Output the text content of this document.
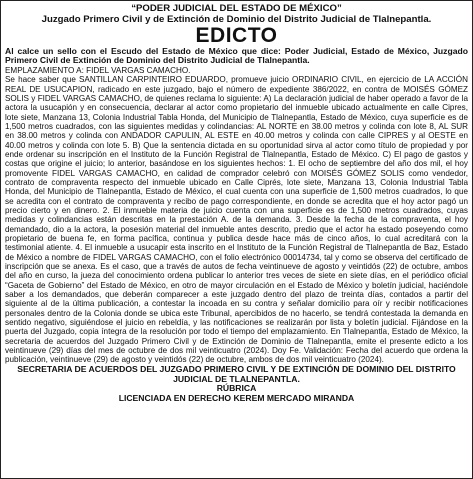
“PODER JUDICIAL DEL ESTADO DE MÉXICO”
Juzgado Primero Civil y de Extinción de Dominio del Distrito Judicial de Tlalnepantla.
EDICTO

Al calce un sello con el Escudo del Estado de México que dice: Poder Judicial, Estado de México, Juzgado Primero Civil de Extinción de Dominio del Distrito Judicial de Tlalnepantla.

EMPLAZAMIENTO A: FIDEL VARGAS CAMACHO.

Se hace saber que SANTILLAN CARPINTEIRO EDUARDO, promueve juicio ORDINARIO CIVIL, en ejercicio de LA ACCIÓN REAL DE USUCAPION, radicado en este juzgado, bajo el número de expediente 386/2022, en contra de MOISÉS GÓMEZ SOLIS y FIDEL VARGAS CAMACHO, de quienes reclama lo siguiente: A) La declaración judicial de haber operado a favor de la actora la usucapión y en consecuencia, declarar al actor como propietario del inmueble ubicado actualmente en calle Cipres, lote siete, Manzana 13, Colonia Industrial Tabla Honda, del Municipio de Tlalnepantla, Estado de México, cuya superficie es de 1,500 metros cuadrados, con las siguientes medidas y colindancias: AL NORTE en 38.00 metros y colinda con lote 8, AL SUR en 38.00 metros y colinda con ANDADOR CAPULIN, AL ESTE en 40.00 metros y colinda con calle CIPRES y al OESTE en 40.00 metros y colinda con lote 5. B) Que la sentencia dictada en su oportunidad sirva al actor como título de propiedad y por ende ordenar su inscripción en el Instituto de la Función Registral de Tlalnepantla, Estado de México. C) El pago de gastos y costas que origine el juicio; lo anterior, basándose en los siguientes hechos: 1. El ocho de septiembre del año dos mil, el hoy promovente FIDEL VARGAS CAMACHO, en calidad de comprador celebró con MOISÉS GÓMEZ SOLIS como vendedor, contrato de compraventa respecto del inmueble ubicado en Calle Ciprés, lote siete, Manzana 13, Colonia Industrial Tabla Honda, del Municipio de Tlalnepantla, Estado de México, el cual cuenta con una superficie de 1,500 metros cuadrados, lo que se acredita con el contrato de compraventa y recibo de pago correspondiente, en donde se acredita que el hoy actor pagó un precio cierto y en dinero. 2. El inmueble materia de juicio cuenta con una superficie es de 1,500 metros cuadrados, cuyas medidas y colindancias están descritas en la prestación A. de la demanda. 3. Desde la fecha de la compraventa, el hoy demandado, dio a la actora, la posesión material del inmueble antes descrito, predio que el actor ha estado poseyendo como propietario de buena fe, en forma pacífica, continua y publica desde hace más de cinco años, lo cual acreditará con la testimonial atiente. 4. El inmueble a usucapir esta inscrito en el Instituto de la Función Registral de Tlalnepantla de Baz, Estado de México a nombre de FIDEL VARGAS CAMACHO, con el folio electrónico 00014734, tal y como se observa del certificado de inscripción que se anexa. Es el caso, que a través de autos de fecha veintinueve de agosto y veintidós (22) de octubre, ambos del año en curso, la jueza del conocimiento ordena publicar lo anterior tres veces de siete en siete días, en el periódico oficial “Gaceta de Gobierno” del Estado de México, en otro de mayor circulación en el Estado de México y boletín judicial, haciéndole saber a los demandados, que deberán comparecer a este juzgado dentro del plazo de treinta días, contados a partir del siguiente al de la última publicación, a contestar la incoada en su contra y señalar domicilio para oír y recibir notificaciones personales dentro de la Colonia donde se ubica este Tribunal, apercibidos de no hacerlo, se tendrá contestada la demanda en sentido negativo, siguiéndose el juicio en rebeldía, y las notificaciones se realizarán por lista y boletín judicial. Fijándose en la puerta del Juzgado, copia íntegra de la resolución por todo el tiempo del emplazamiento. En Tlalnepantla, Estado de México, la secretaria de acuerdos del Juzgado Primero Civil y de Extinción de Dominio de Tlalnepantla, emite el presente edicto a los veintinueve (29) días del mes de octubre de dos mil veinticuatro (2024). Doy Fe. Validación: Fecha del acuerdo que ordena la publicación, veintinueve (29) de agosto y veintidós (22) de octubre, ambos de dos mil veinticuatro (2024).

SECRETARIA DE ACUERDOS DEL JUZGADO PRIMERO CIVIL Y DE EXTINCIÓN DE DOMINIO DEL DISTRITO JUDICIAL DE TLALNEPANTLA.

RÚBRICA

LICENCIADA EN DERECHO KEREM MERCADO MIRANDA
